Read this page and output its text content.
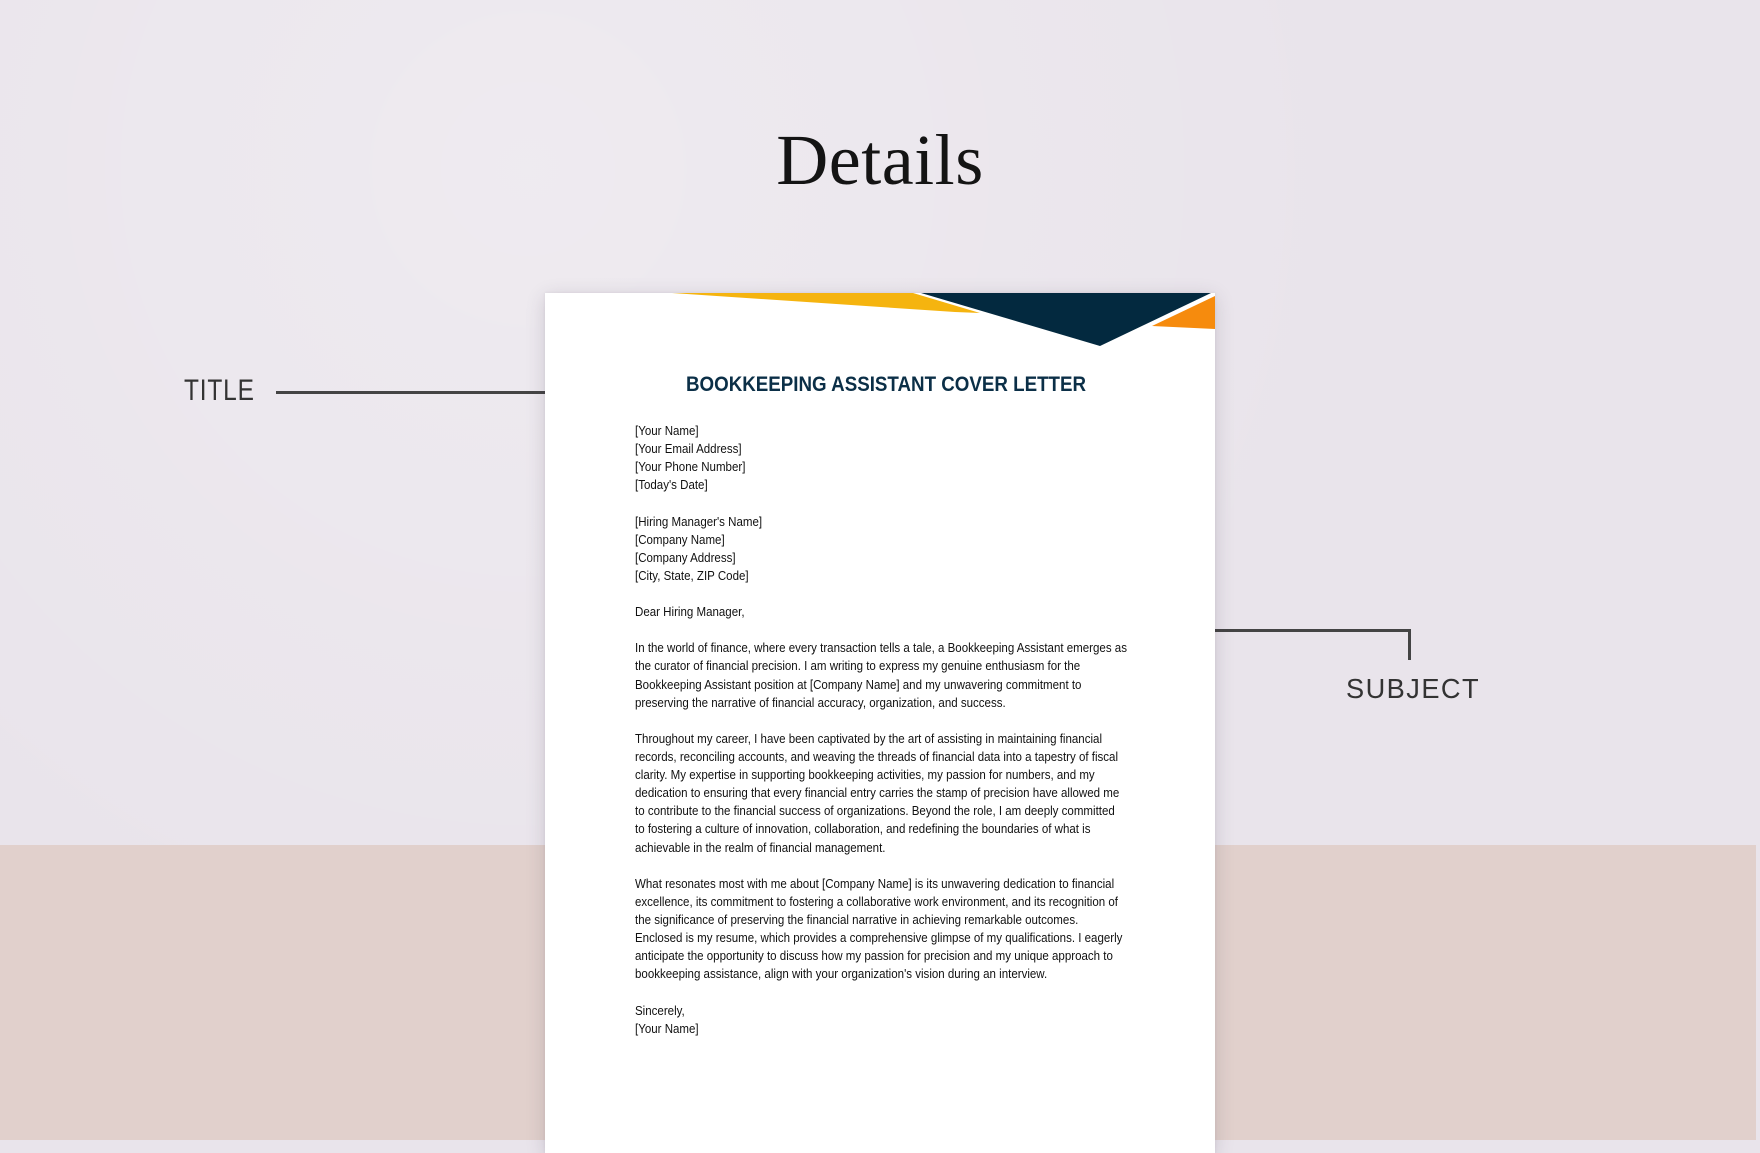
Details
TITLE
SUBJECT
BOOKKEEPING ASSISTANT COVER LETTER
[Your Name]
[Your Email Address]
[Your Phone Number]
[Today's Date]
[Hiring Manager's Name]
[Company Name]
[Company Address]
[City, State, ZIP Code]
Dear Hiring Manager,
In the world of finance, where every transaction tells a tale, a Bookkeeping Assistant emerges as
the curator of financial precision. I am writing to express my genuine enthusiasm for the
Bookkeeping Assistant position at [Company Name] and my unwavering commitment to
preserving the narrative of financial accuracy, organization, and success.
Throughout my career, I have been captivated by the art of assisting in maintaining financial
records, reconciling accounts, and weaving the threads of financial data into a tapestry of fiscal
clarity. My expertise in supporting bookkeeping activities, my passion for numbers, and my
dedication to ensuring that every financial entry carries the stamp of precision have allowed me
to contribute to the financial success of organizations. Beyond the role, I am deeply committed
to fostering a culture of innovation, collaboration, and redefining the boundaries of what is
achievable in the realm of financial management.
What resonates most with me about [Company Name] is its unwavering dedication to financial
excellence, its commitment to fostering a collaborative work environment, and its recognition of
the significance of preserving the financial narrative in achieving remarkable outcomes.
Enclosed is my resume, which provides a comprehensive glimpse of my qualifications. I eagerly
anticipate the opportunity to discuss how my passion for precision and my unique approach to
bookkeeping assistance, align with your organization's vision during an interview.
Sincerely,
[Your Name]
